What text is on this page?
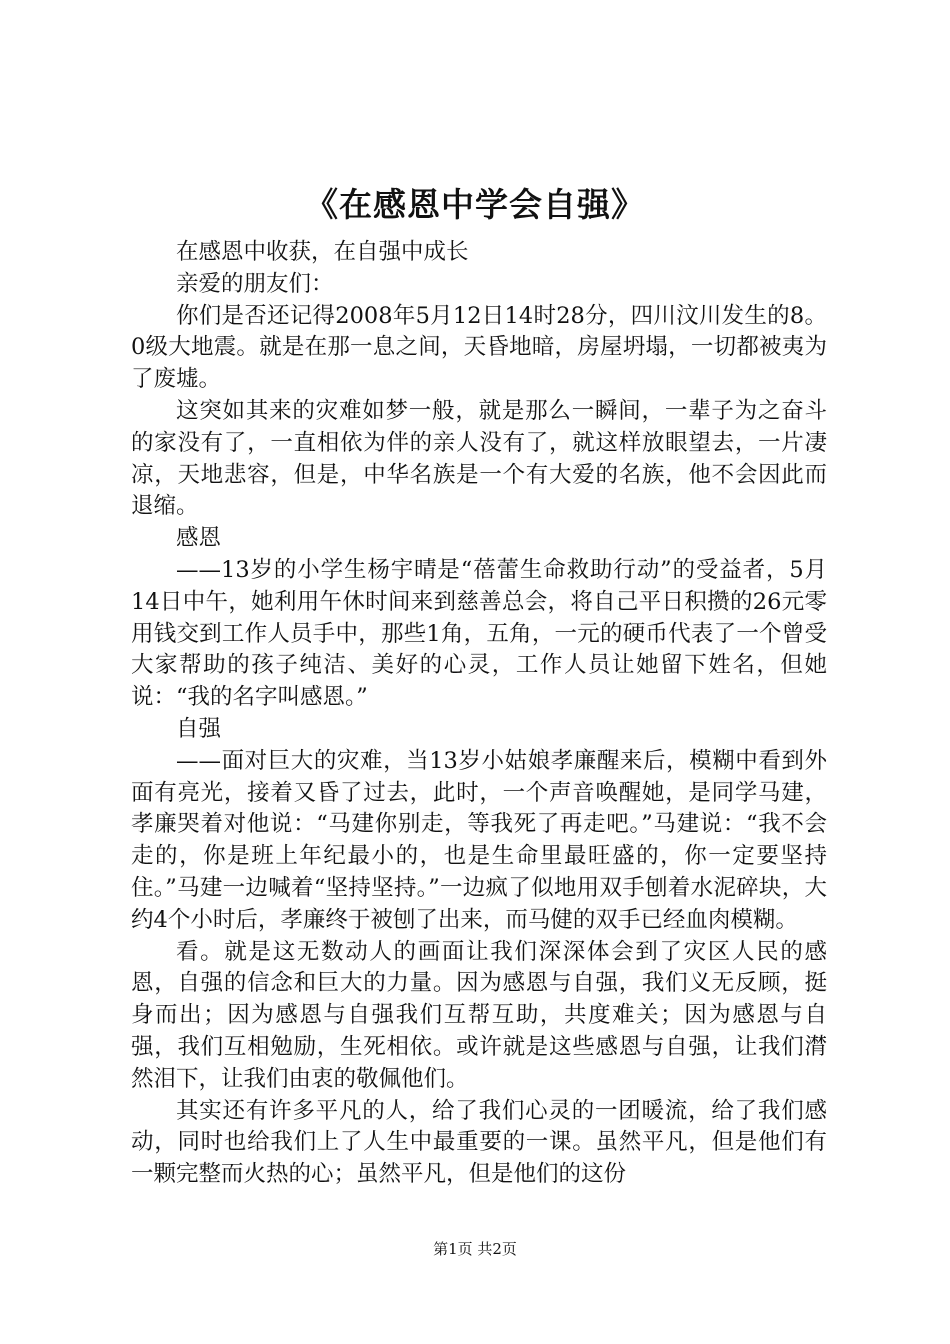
《在感恩中学会自强》

在感恩中收获，在自强中成长

亲爱的朋友们：

你们是否还记得2008年5月12日14时28分，四川汶川发生的8。0级大地震。就是在那一息之间，天昏地暗，房屋坍塌，一切都被夷为了废墟。

这突如其来的灾难如梦一般，就是那么一瞬间，一辈子为之奋斗的家没有了，一直相依为伴的亲人没有了，就这样放眼望去，一片凄凉，天地悲容，但是，中华名族是一个有大爱的名族，他不会因此而退缩。

感恩

——13岁的小学生杨宇晴是“蓓蕾生命救助行动”的受益者，5月14日中午，她利用午休时间来到慈善总会，将自己平日积攒的26元零用钱交到工作人员手中，那些1角，五角，一元的硬币代表了一个曾受大家帮助的孩子纯洁、美好的心灵，工作人员让她留下姓名，但她说：“我的名字叫感恩。”

自强

——面对巨大的灾难，当13岁小姑娘孝廉醒来后，模糊中看到外面有亮光，接着又昏了过去，此时，一个声音唤醒她，是同学马建，孝廉哭着对他说：“马建你别走，等我死了再走吧。”马建说：“我不会走的，你是班上年纪最小的，也是生命里最旺盛的，你一定要坚持住。”马建一边喊着“坚持坚持。”一边疯了似地用双手刨着水泥碎块，大约4个小时后，孝廉终于被刨了出来，而马健的双手已经血肉模糊。

看。就是这无数动人的画面让我们深深体会到了灾区人民的感恩，自强的信念和巨大的力量。因为感恩与自强，我们义无反顾，挺身而出；因为感恩与自强我们互帮互助，共度难关；因为感恩与自强，我们互相勉励，生死相依。或许就是这些感恩与自强，让我们潸然泪下，让我们由衷的敬佩他们。

其实还有许多平凡的人，给了我们心灵的一团暖流，给了我们感动，同时也给我们上了人生中最重要的一课。虽然平凡，但是他们有一颗完整而火热的心；虽然平凡，但是他们的这份

第1页 共2页
